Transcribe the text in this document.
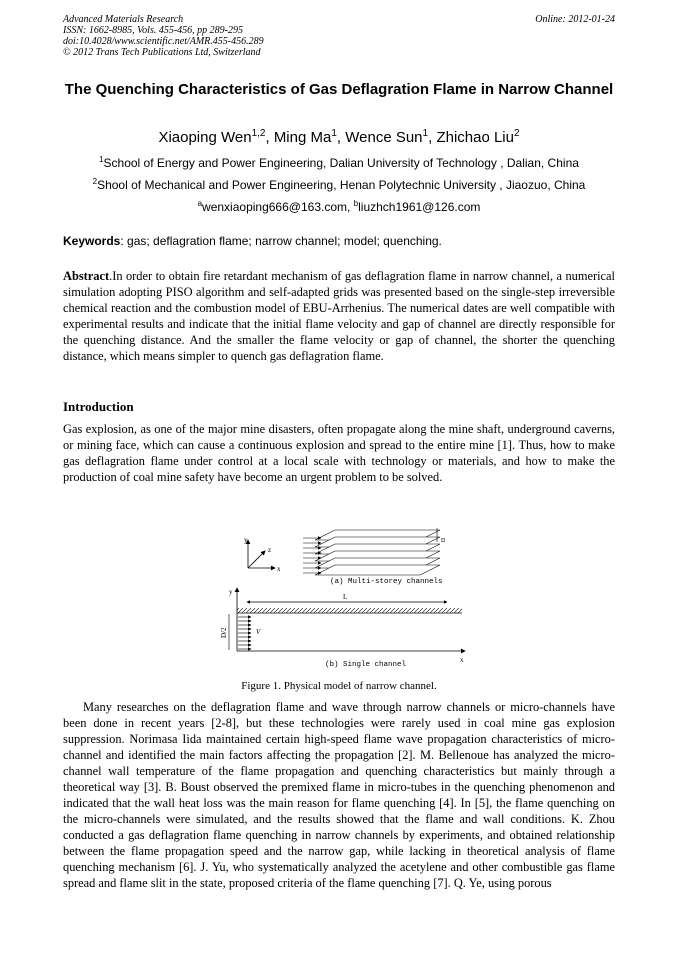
Advanced Materials Research
ISSN: 1662-8985, Vols. 455-456, pp 289-295
doi:10.4028/www.scientific.net/AMR.455-456.289
© 2012 Trans Tech Publications Ltd, Switzerland
Online: 2012-01-24
The Quenching Characteristics of Gas Deflagration Flame in Narrow Channel
Xiaoping Wen$^{1,2}$, Ming Ma$^1$, Wence Sun$^1$, Zhichao Liu$^2$
$^1$School of Energy and Power Engineering, Dalian University of Technology , Dalian, China
$^2$Shool of Mechanical and Power Engineering, Henan Polytechnic University , Jiaozuo, China
$^a$wenxiaoping666@163.com, $^b$liuzhch1961@126.com
Keywords: gas; deflagration flame; narrow channel; model; quenching.
Abstract.In order to obtain fire retardant mechanism of gas deflagration flame in narrow channel, a numerical simulation adopting PISO algorithm and self-adapted grids was presented based on the single-step irreversible chemical reaction and the combustion model of EBU-Arrhenius. The numerical dates are well compatible with experimental results and indicate that the initial flame velocity and gap of channel are directly responsible for the quenching distance. And the smaller the flame velocity or gap of channel, the shorter the quenching distance, which means simpler to quench gas deflagration flame.
Introduction
Gas explosion, as one of the major mine disasters, often propagate along the mine shaft, underground caverns, or mining face, which can cause a continuous explosion and spread to the entire mine [1]. Thus, how to make gas deflagration flame under control at a local scale with technology or materials, and how to make the production of coal mine safety have become an urgent problem to be solved.
y
z
x
D
(a) Multi-storey channels
y
x
L
D/2	V
(b) Single channel
Figure 1. Physical model of narrow channel.
Many researches on the deflagration flame and wave through narrow channels or micro-channels have been done in recent years [2-8], but these technologies were rarely used in coal mine gas explosion suppression. Norimasa Iida maintained certain high-speed flame wave propagation characteristics of micro-channel and identified the main factors affecting the propagation [2]. M. Bellenoue has analyzed the micro-channel wall temperature of the flame propagation and quenching characteristics but mainly through a theoretical way [3]. B. Boust observed the premixed flame in micro-tubes in the quenching phenomenon and indicated that the wall heat loss was the main reason for flame quenching [4]. In [5], the flame quenching on the micro-channels were simulated, and the results showed that the flame and wall conditions. K. Zhou conducted a gas deflagration flame quenching in narrow channels by experiments, and obtained relationship between the flame propagation speed and the narrow gap, while lacking in theoretical analysis of flame quenching mechanism [6]. J. Yu, who systematically analyzed the acetylene and other combustible gas flame spread and flame slit in the state, proposed criteria of the flame quenching [7]. Q. Ye, using porous
